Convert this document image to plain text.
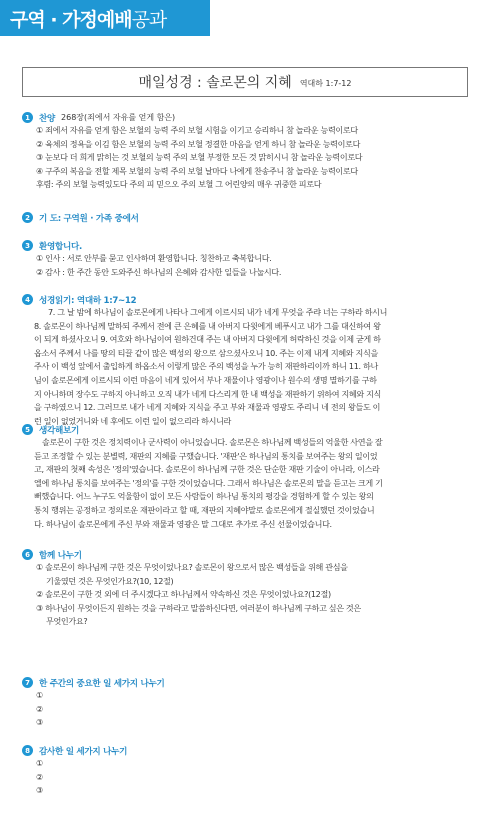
구역 · 가정예배 공과
매일성경 : 솔로몬의 지혜 역대하 1:7-12
1	찬양 268장(죄에서 자유를 얻게 함은)
① 죄에서 자유를 얻게 함은 보혈의 능력 주의 보혈 시험을 이기고 승리하니 참 놀라운 능력이로다
② 육체의 정욕을 이김 함은 보혈의 능력 주의 보혈 정결한 마음을 얻게 하니 참 놀라운 능력이로다
③ 눈보다 더 희게 맑히는 것 보혈의 능력 주의 보혈 부정한 모든 것 맑히시니 참 놀라운 능력이로다
④ 구주의 복음을 전할 제목 보혈의 능력 주의 보혈 날마다 나에게 찬송주니 참 놀라운 능력이로다
후렴: 주의 보혈 능력있도다 주의 피 믿으오 주의 보혈 그 어린양의 매우 귀중한 피로다
2	기 도: 구역원 · 가족 중에서
3	환영합니다.
① 인사 : 서로 안부를 묻고 인사하며 환영합니다. 칭찬하고 축복합니다.
② 감사 : 한 주간 동안 도와주신 하나님의 은혜와 감사한 일들을 나눕시다.
4	성경읽기: 역대하 1:7~12
7. 그 날 밤에 하나님이 솔로몬에게 나타나 그에게 이르시되 내가 네게 무엇을 주랴 너는 구하라 하시니
8. 솔로몬이 하나님께 말하되 주께서 전에 큰 은혜를 내 아버지 다윗에게 베푸시고 내가 그를 대신하여 왕
이 되게 하셨사오니 9. 여호와 하나님이여 원하건대 주는 내 아버지 다윗에게 허락하신 것을 이제 굳게 하
옵소서 주께서 나를 땅의 티끌 같이 많은 백성의 왕으로 삼으셨사오니 10. 주는 이제 내게 지혜와 지식을
주사 이 백성 앞에서 출입하게 하옵소서 이렇게 많은 주의 백성을 누가 능히 재판하리이까 하니 11. 하나
님이 솔로몬에게 이르시되 이런 마음이 네게 있어서 부나 재물이나 영광이나 원수의 생명 멸하기를 구하
지 아니하며 장수도 구하지 아니하고 오직 내가 네게 다스리게 한 내 백성을 재판하기 위하여 지혜와 지식
을 구하였으니 12. 그러므로 내가 네게 지혜와 지식을 주고 부와 재물과 영광도 주리니 네 전의 왕들도 이
런 일이 없었거니와 네 후에도 이런 일이 없으리라 하시니라
5	생각해보기
솔로몬이 구한 것은 정치력이나 군사력이 아니었습니다. 솔로몬은 하나님께 백성들의 억울한 사연을 잘
듣고 조정할 수 있는 분별력, 재판의 지혜를 구했습니다. '재판'은 하나님의 통치를 보여주는 왕의 일이었
고, 재판의 첫째 속성은 '정의'였습니다. 솔로몬이 하나님께 구한 것은 단순한 재판 기술이 아니라, 이스라
엘에 하나님 통치를 보여주는 '정의'를 구한 것이었습니다. 그래서 하나님은 솔로몬의 말을 듣고는 크게 기
뻐했습니다. 어느 누구도 억울함이 없이 모든 사람들이 하나님 통치의 평강을 경험하게 할 수 있는 왕의
통치 행위는 공정하고 정의로운 재판이라고 할 때, 재판의 지혜야말로 솔로몬에게 절실했던 것이었습니
다. 하나님이 솔로몬에게 주신 부와 재물과 영광은 말 그대로 추가로 주신 선물이었습니다.
6	함께 나누기
① 솔로몬이 하나님께 구한 것은 무엇이었나요? 솔로몬이 왕으로서 많은 백성들을 위해 관심을
기울였던 것은 무엇인가요?(10, 12절)
② 솔로몬이 구한 것 외에 더 주시겠다고 하나님께서 약속하신 것은 무엇이었나요?(12절)
③ 하나님이 무엇이든지 원하는 것을 구하라고 말씀하신다면, 여러분이 하나님께 구하고 싶은 것은
무엇인가요?
7	한 주간의 중요한 일 세가지 나누기
①
②
③
8	감사한 일 세가지 나누기
①
②
③
